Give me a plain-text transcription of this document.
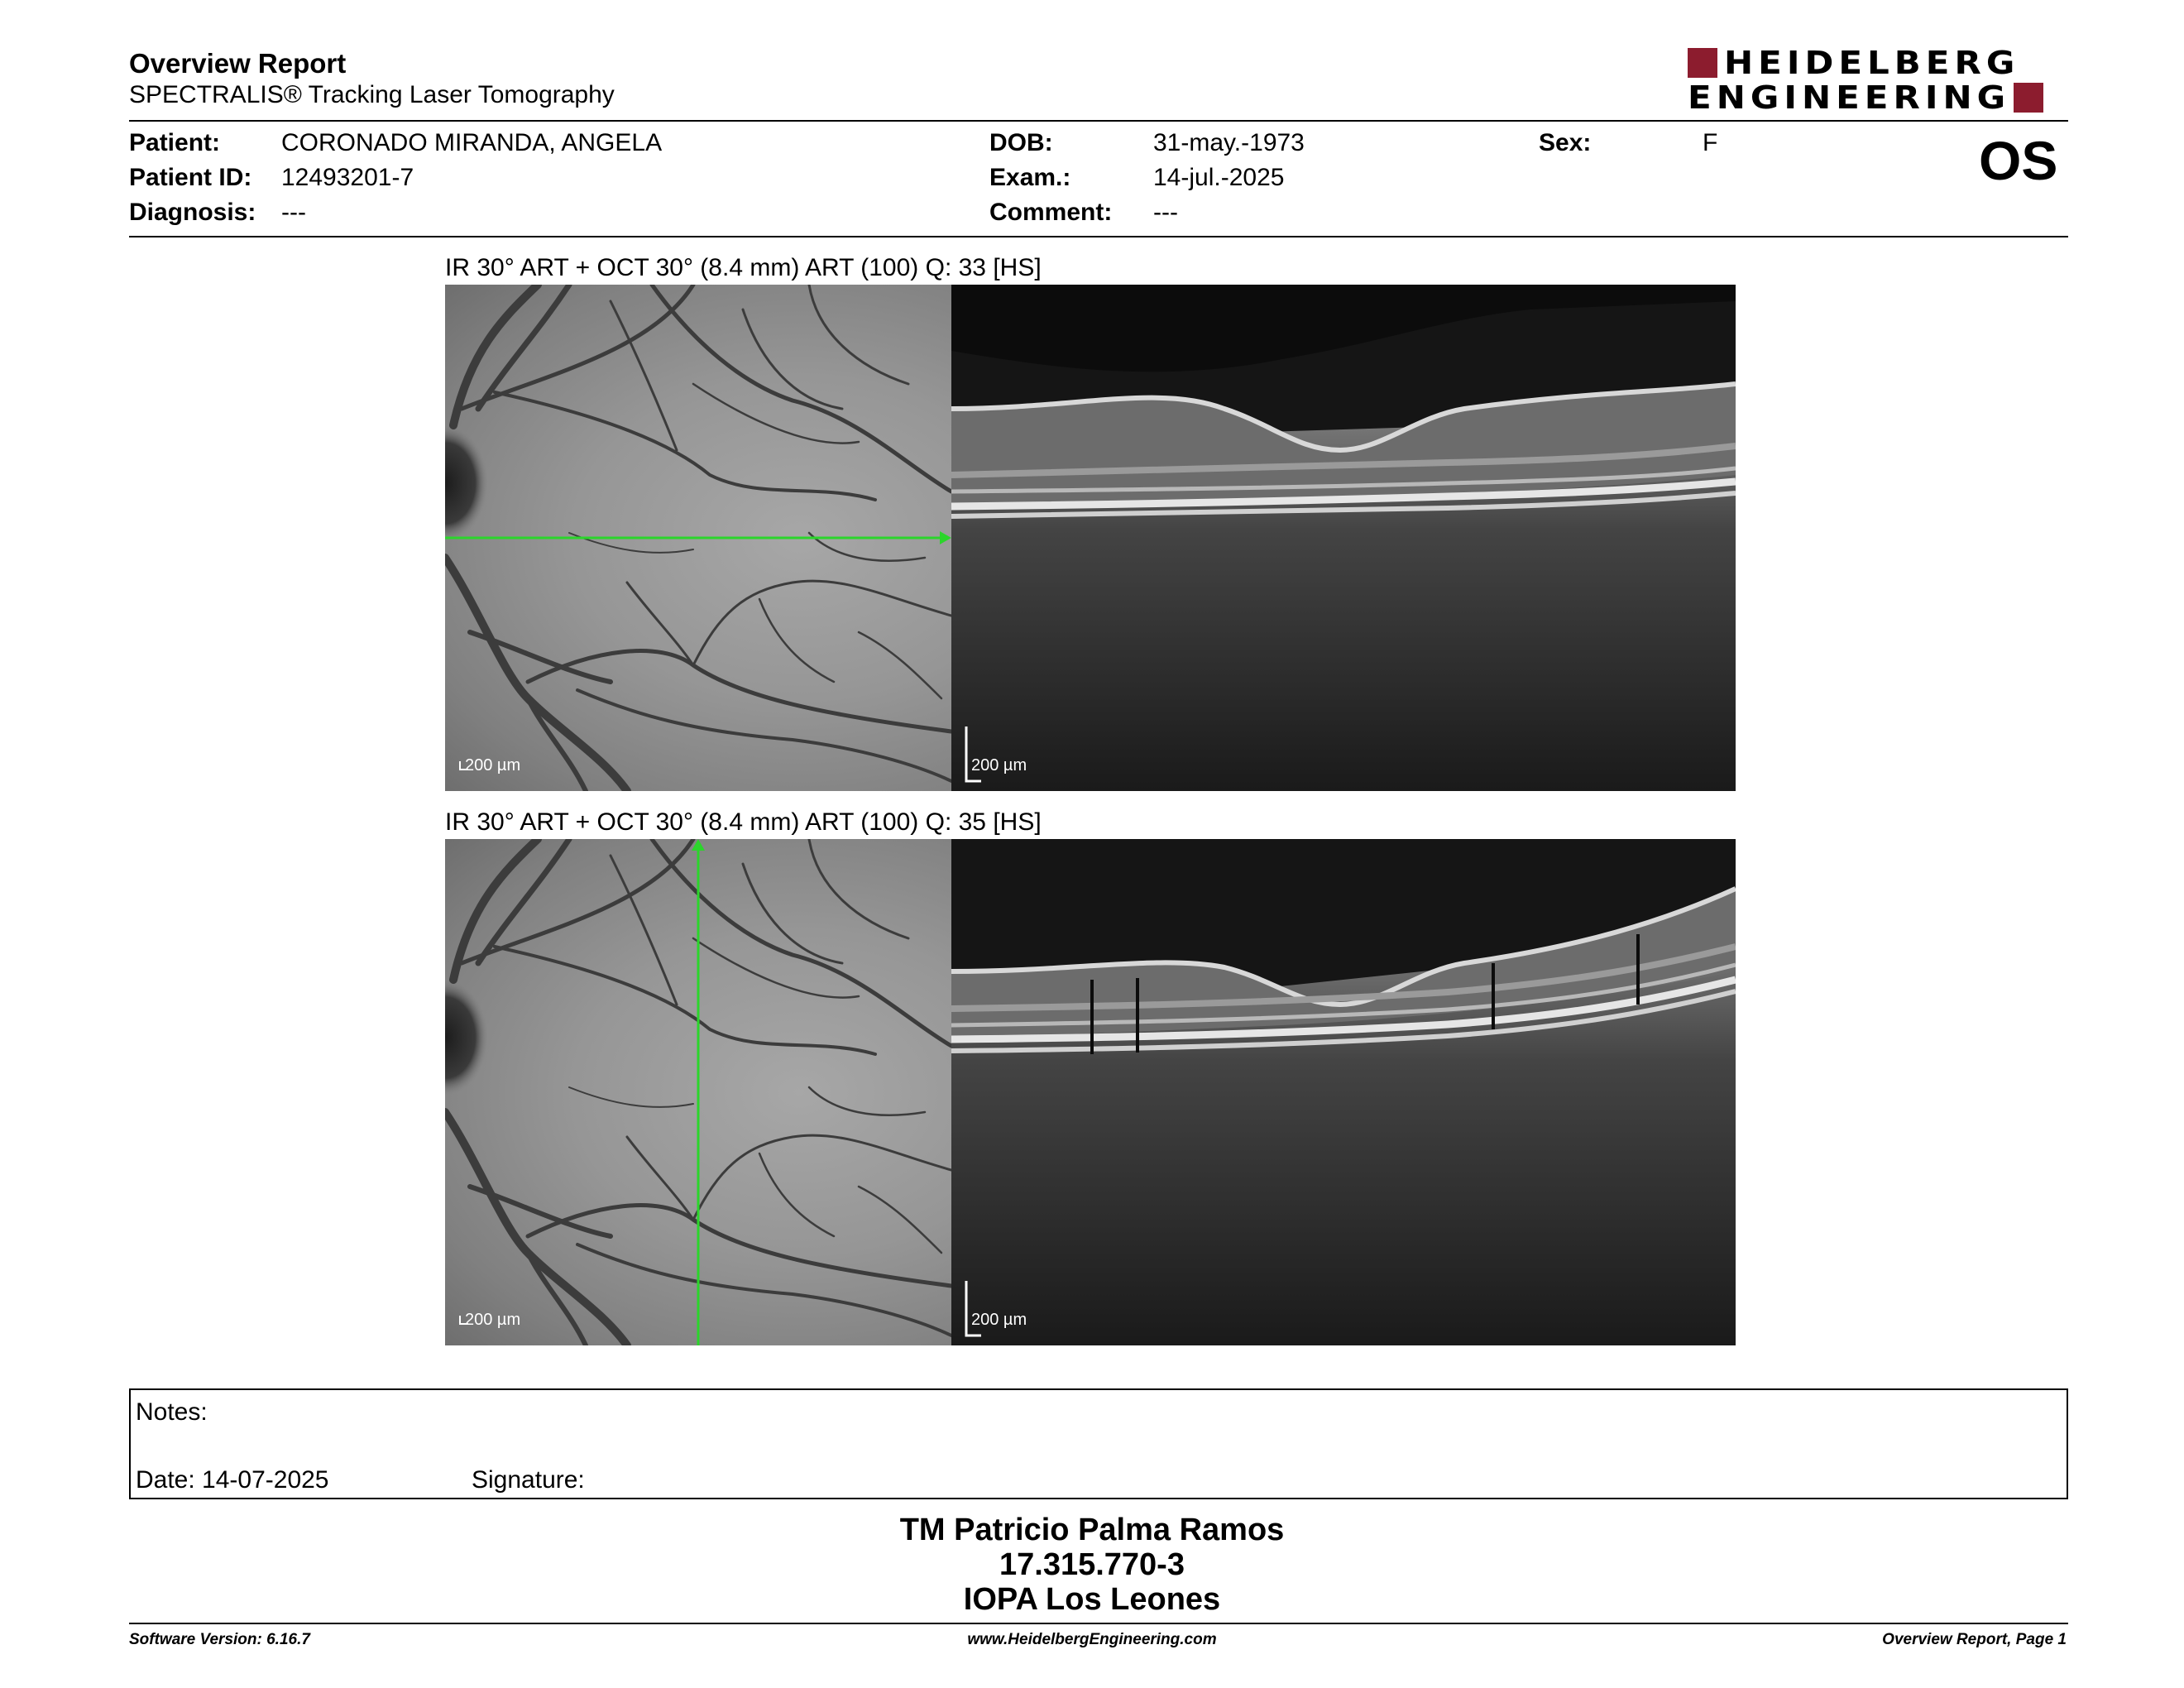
Overview Report
SPECTRALIS® Tracking Laser Tomography
HEIDELBERG
ENGINEERING
Patient: CORONADO MIRANDA, ANGELA
Patient ID: 12493201-7
Diagnosis: ---
DOB:	31-may.-1973
Exam.:	14-jul.-2025
Comment: ---
Sex:	F	OS
IR 30° ART + OCT 30° (8.4 mm) ART (100) Q: 33 [HS]
200 µm	200 µm
IR 30° ART + OCT 30° (8.4 mm) ART (100) Q: 35 [HS]
200 µm	200 µm
Notes:
Date: 14-07-2025	Signature:
TM Patricio Palma Ramos
17.315.770-3
IOPA Los Leones
Software Version: 6.16.7	www.HeidelbergEngineering.com	Overview Report, Page 1
